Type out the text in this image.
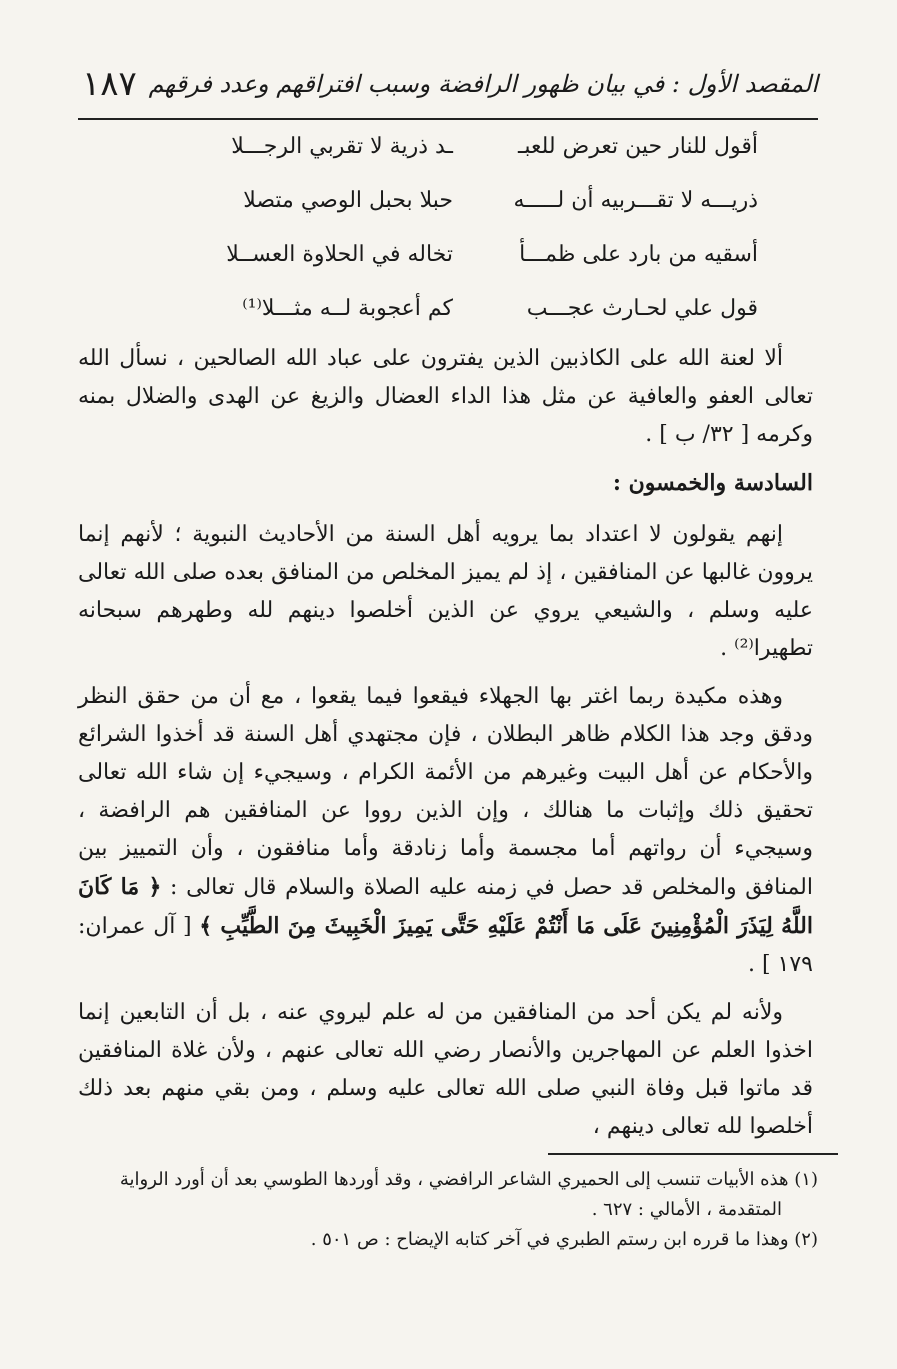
المقصد الأول : في بيان ظهور الرافضة وسبب افتراقهم وعدد فرقهم
١٨٧
أقول للنار حين تعرض للعبـ
ـد ذرية لا تقربي الرجـــلا
ذريـــه لا تقـــربيه أن لـــــه
حبلا بحبل الوصي متصلا
أسقيه من بارد على ظمـــأ
تخاله في الحلاوة العســلا
قول علي لحـارث عجـــب
كم أعجوبة لــه مثـــلا⁽¹⁾

ألا لعنة الله على الكاذبين الذين يفترون على عباد الله الصالحين ، نسأل الله تعالى العفو والعافية عن مثل هذا الداء العضال والزيغ عن الهدى والضلال بمنه وكرمه [ ٣٢/ ب ] .

السادسة والخمسون :

إنهم يقولون لا اعتداد بما يرويه أهل السنة من الأحاديث النبوية ؛ لأنهم إنما يروون غالبها عن المنافقين ، إذ لم يميز المخلص من المنافق بعده صلى الله تعالى عليه وسلم ، والشيعي يروي عن الذين أخلصوا دينهم لله وطهرهم سبحانه تطهيرا⁽²⁾ .

وهذه مكيدة ربما اغتر بها الجهلاء فيقعوا فيما يقعوا ، مع أن من حقق النظر ودقق وجد هذا الكلام ظاهر البطلان ، فإن مجتهدي أهل السنة قد أخذوا الشرائع والأحكام عن أهل البيت وغيرهم من الأئمة الكرام ، وسيجيء إن شاء الله تعالى تحقيق ذلك وإثبات ما هنالك ، وإن الذين رووا عن المنافقين هم الرافضة ، وسيجيء أن رواتهم أما مجسمة وأما زنادقة وأما منافقون ، وأن التمييز بين المنافق والمخلص قد حصل في زمنه عليه الصلاة والسلام قال تعالى : ﴿ مَا كَانَ اللَّهُ لِيَذَرَ الْمُؤْمِنِينَ عَلَى مَا أَنْتُمْ عَلَيْهِ حَتَّى يَمِيزَ الْخَبِيثَ مِنَ الطَّيِّبِ ﴾ [ آل عمران: ١٧٩ ] .

ولأنه لم يكن أحد من المنافقين من له علم ليروي عنه ، بل أن التابعين إنما اخذوا العلم عن المهاجرين والأنصار رضي الله تعالى عنهم ، ولأن غلاة المنافقين قد ماتوا قبل وفاة النبي صلى الله تعالى عليه وسلم ، ومن بقي منهم بعد ذلك أخلصوا لله تعالى دينهم ،

(١) هذه الأبيات تنسب إلى الحميري الشاعر الرافضي ، وقد أوردها الطوسي بعد أن أورد الرواية المتقدمة ، الأمالي : ٦٢٧ .

(٢) وهذا ما قرره ابن رستم الطبري في آخر كتابه الإيضاح : ص ٥٠١ .
